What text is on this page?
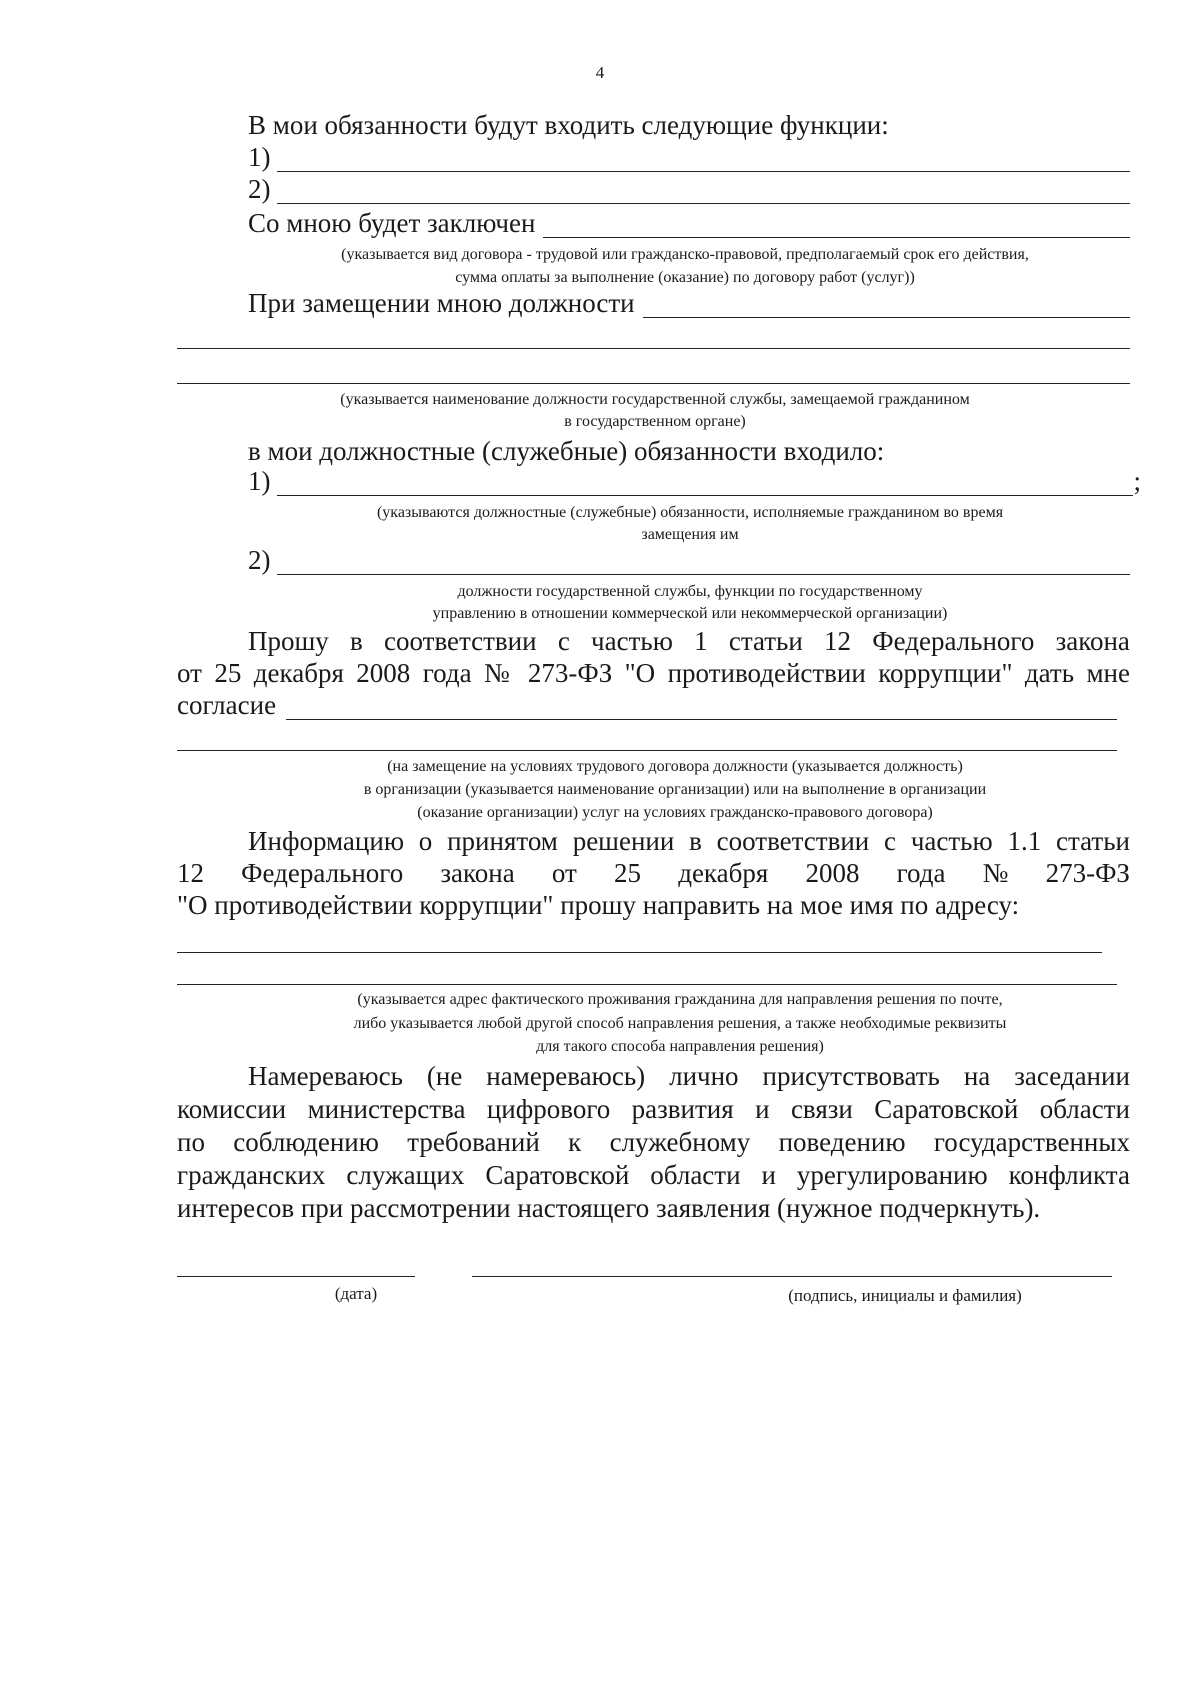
4
В мои обязанности будут входить следующие функции:
1)
2)
Со мною будет заключен
(указывается вид договора - трудовой или гражданско-правовой, предполагаемый срок его действия,
сумма оплаты за выполнение (оказание) по договору работ (услуг))
При замещении мною должности
(указывается наименование должности государственной службы, замещаемой гражданином
в государственном органе)
в мои должностные (служебные) обязанности входило:
1)	;
(указываются должностные (служебные) обязанности, исполняемые гражданином во время
замещения им
2)
должности государственной службы, функции по государственному
управлению в отношении коммерческой или некоммерческой организации)
Прошу в соответствии с частью 1 статьи 12 Федерального закона
от 25 декабря 2008 года № 273-ФЗ "О противодействии коррупции" дать мне
согласие
(на замещение на условиях трудового договора должности (указывается должность)
в организации (указывается наименование организации) или на выполнение в организации
(оказание организации) услуг на условиях гражданско-правового договора)
Информацию о принятом решении в соответствии с частью 1.1 статьи
12 Федерального закона от 25 декабря 2008 года № 273-ФЗ
"О противодействии коррупции" прошу направить на мое имя по адресу:
(указывается адрес фактического проживания гражданина для направления решения по почте,
либо указывается любой другой способ направления решения, а также необходимые реквизиты
для такого способа направления решения)
Намереваюсь (не намереваюсь) лично присутствовать на заседании
комиссии министерства цифрового развития и связи Саратовской области
по соблюдению требований к служебному поведению государственных
гражданских служащих Саратовской области и урегулированию конфликта
интересов при рассмотрении настоящего заявления (нужное подчеркнуть).
(дата)	(подпись, инициалы и фамилия)
